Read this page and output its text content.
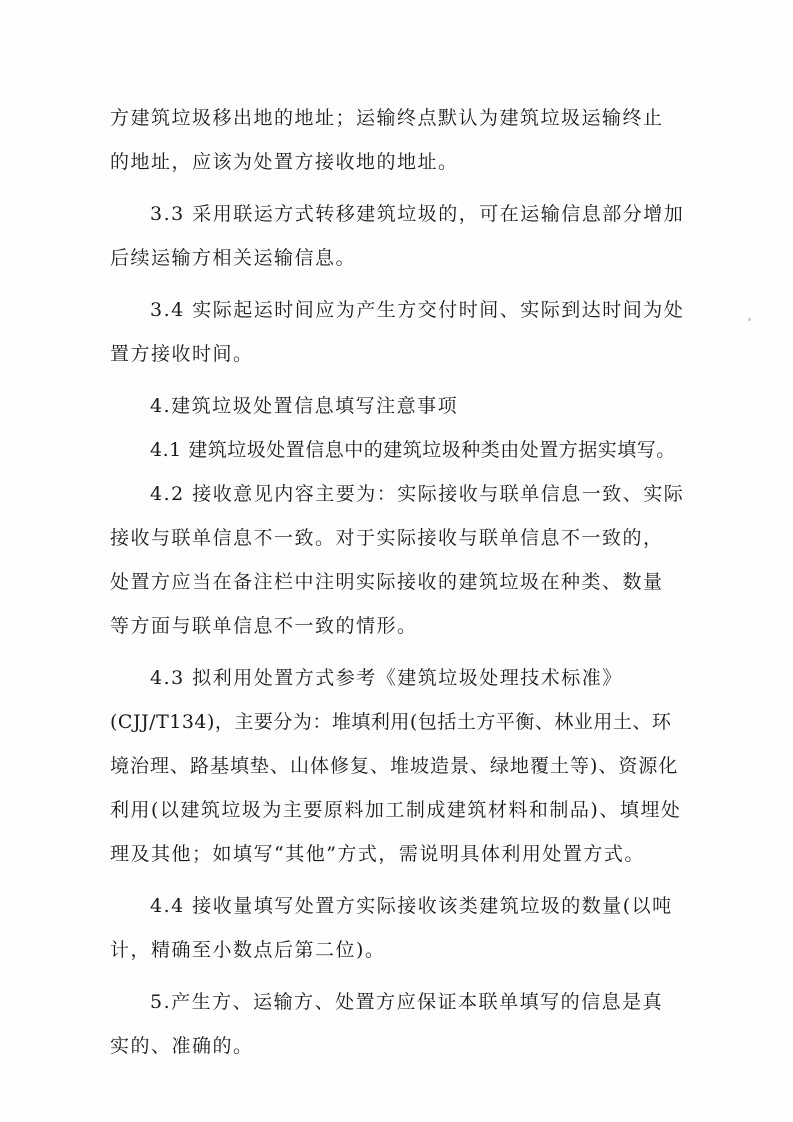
方建筑垃圾移出地的地址；运输终点默认为建筑垃圾运输终止
的地址，应该为处置方接收地的地址。
3.3 采用联运方式转移建筑垃圾的，可在运输信息部分增加
后续运输方相关运输信息。
3.4 实际起运时间应为产生方交付时间、实际到达时间为处
置方接收时间。
4.建筑垃圾处置信息填写注意事项
4.1 建筑垃圾处置信息中的建筑垃圾种类由处置方据实填写。
4.2 接收意见内容主要为：实际接收与联单信息一致、实际
接收与联单信息不一致。对于实际接收与联单信息不一致的，
处置方应当在备注栏中注明实际接收的建筑垃圾在种类、数量
等方面与联单信息不一致的情形。
4.3 拟利用处置方式参考《建筑垃圾处理技术标准》
(CJJ/T134)，主要分为：堆填利用(包括土方平衡、林业用土、环
境治理、路基填垫、山体修复、堆坡造景、绿地覆土等)、资源化
利用(以建筑垃圾为主要原料加工制成建筑材料和制品)、填埋处
理及其他；如填写“其他”方式，需说明具体利用处置方式。
4.4 接收量填写处置方实际接收该类建筑垃圾的数量(以吨
计，精确至小数点后第二位)。
5.产生方、运输方、处置方应保证本联单填写的信息是真
实的、准确的。
